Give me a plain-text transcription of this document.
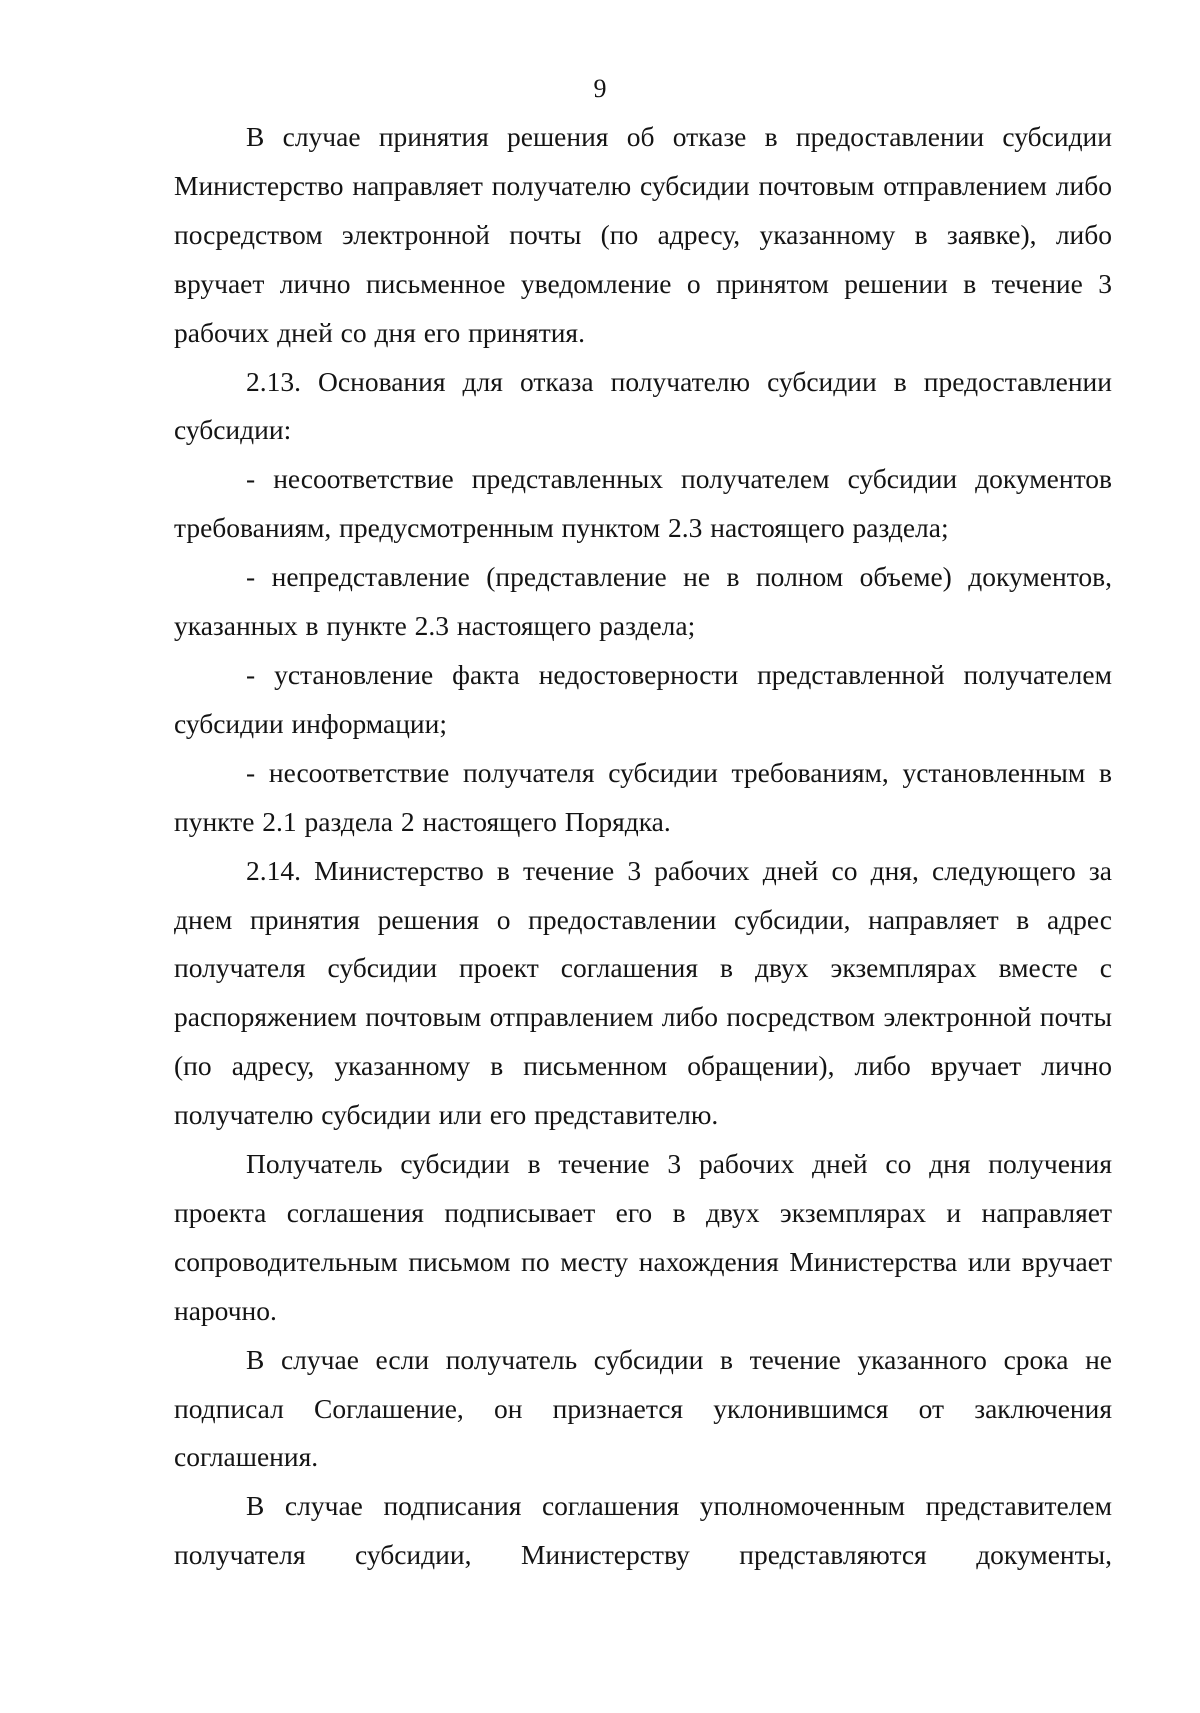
9

В случае принятия решения об отказе в предоставлении субсидии Министерство направляет получателю субсидии почтовым отправлением либо посредством электронной почты (по адресу, указанному в заявке), либо вручает лично письменное уведомление о принятом решении в течение 3 рабочих дней со дня его принятия.

2.13. Основания для отказа получателю субсидии в предоставлении субсидии:

- несоответствие представленных получателем субсидии документов требованиям, предусмотренным пунктом 2.3 настоящего раздела;

- непредставление (представление не в полном объеме) документов, указанных в пункте 2.3 настоящего раздела;

- установление факта недостоверности представленной получателем субсидии информации;

- несоответствие получателя субсидии требованиям, установленным в пункте 2.1 раздела 2 настоящего Порядка.

2.14. Министерство в течение 3 рабочих дней со дня, следующего за днем принятия решения о предоставлении субсидии, направляет в адрес получателя субсидии проект соглашения в двух экземплярах вместе с распоряжением почтовым отправлением либо посредством электронной почты (по адресу, указанному в письменном обращении), либо вручает лично получателю субсидии или его представителю.

Получатель субсидии в течение 3 рабочих дней со дня получения проекта соглашения подписывает его в двух экземплярах и направляет сопроводительным письмом по месту нахождения Министерства или вручает нарочно.

В случае если получатель субсидии в течение указанного срока не подписал Соглашение, он признается уклонившимся от заключения соглашения.

В случае подписания соглашения уполномоченным представителем получателя субсидии, Министерству представляются документы,
